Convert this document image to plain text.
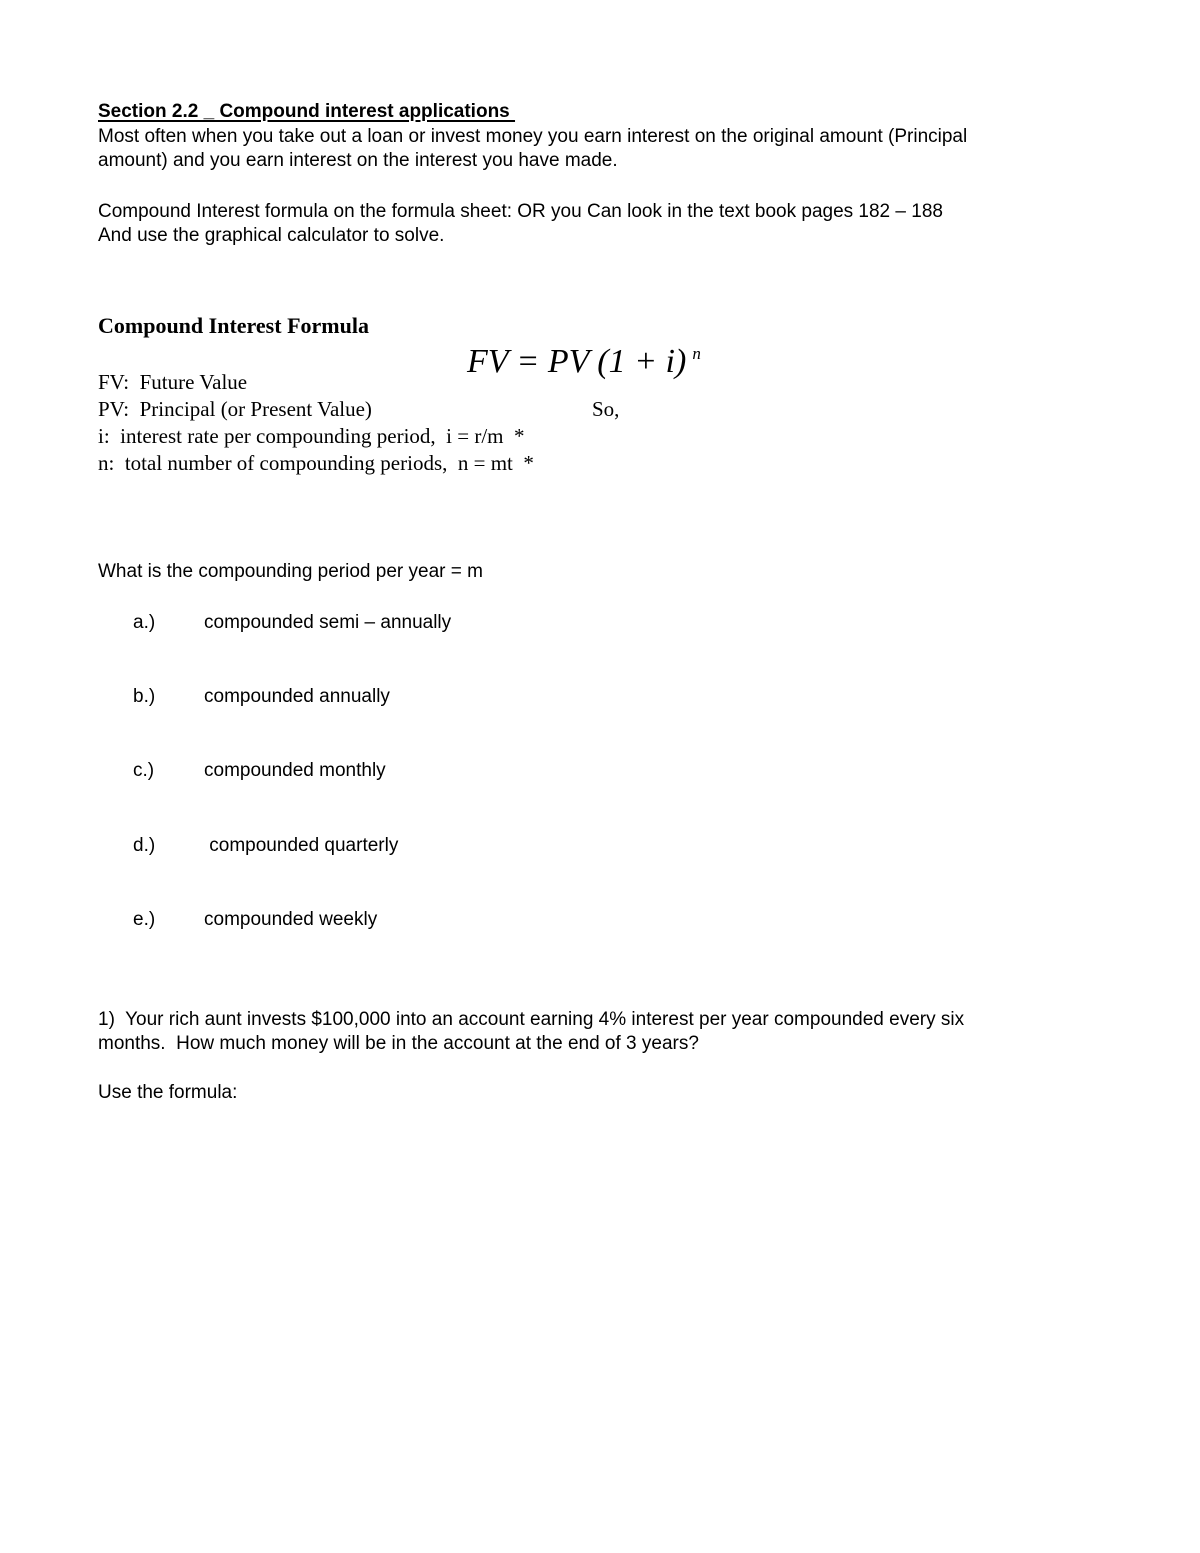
Section 2.2 _ Compound interest applications
Most often when you take out a loan or invest money you earn interest on the original amount (Principal
amount) and you earn interest on the interest you have made.
Compound Interest formula on the formula sheet: OR you Can look in the text book pages 182 – 188
And use the graphical calculator to solve.
Compound Interest Formula

FV = PV (1 + i) $^n$

FV:  Future Value
PV:  Principal (or Present Value)	So,
i:  interest rate per compounding period,  i = r/m  *
n:  total number of compounding periods,  n = mt  *
What is the compounding period per year = m
a.)	compounded semi – annually
b.)	compounded annually
c.)	compounded monthly
d.)	compounded quarterly
e.)	compounded weekly
1)  Your rich aunt invests $100,000 into an account earning 4% interest per year compounded every six
months.  How much money will be in the account at the end of 3 years?
Use the formula:
